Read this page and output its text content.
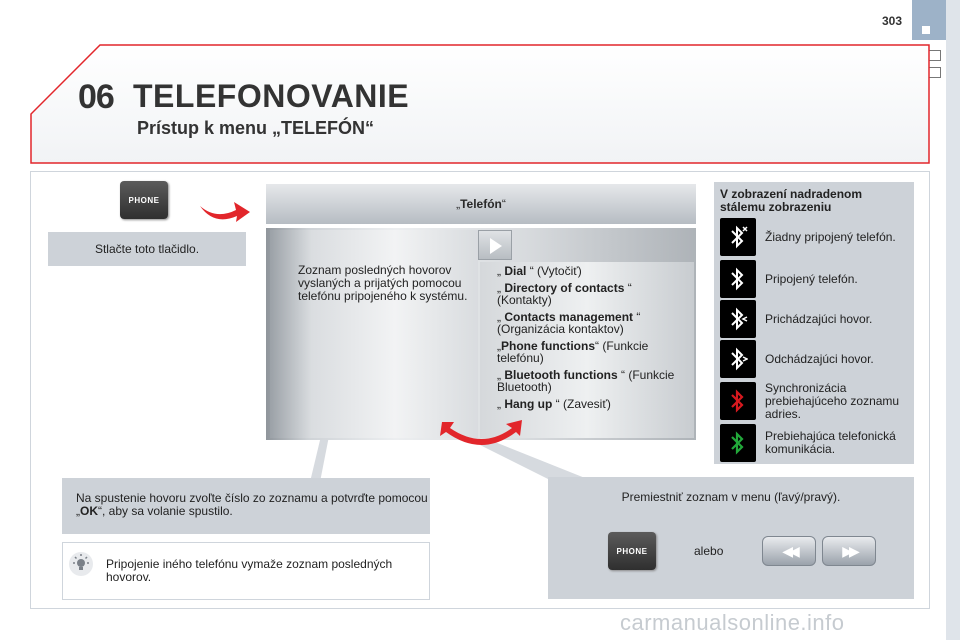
303
06 TELEFONOVANIE
Prístup k menu „TELEFÓN“
PHONE
Stlačte toto tlačidlo.
„Telefón“
Zoznam posledných hovorov vyslaných a prijatých pomocou telefónu pripojeného k systému.
„ Dial “ (Vytočiť)
„ Directory of contacts “ (Kontakty)
„ Contacts management “ (Organizácia kontaktov)
„Phone functions“ (Funkcie telefónu)
„ Bluetooth functions “ (Funkcie Bluetooth)
„ Hang up “ (Zavesiť)
V zobrazení nadradenom stálemu zobrazeniu
Žiadny pripojený telefón.
Pripojený telefón.
Prichádzajúci hovor.
Odchádzajúci hovor.
Synchronizácia prebiehajúceho zoznamu adries.
Prebiehajúca telefonická komunikácia.
Na spustenie hovoru zvoľte číslo zo zoznamu a potvrďte pomocou „OK“, aby sa volanie spustilo.
Pripojenie iného telefónu vymaže zoznam posledných hovorov.
Premiestniť zoznam v menu (ľavý/pravý).
PHONE	alebo	◀◀	▶▶
carmanualsonline.info
